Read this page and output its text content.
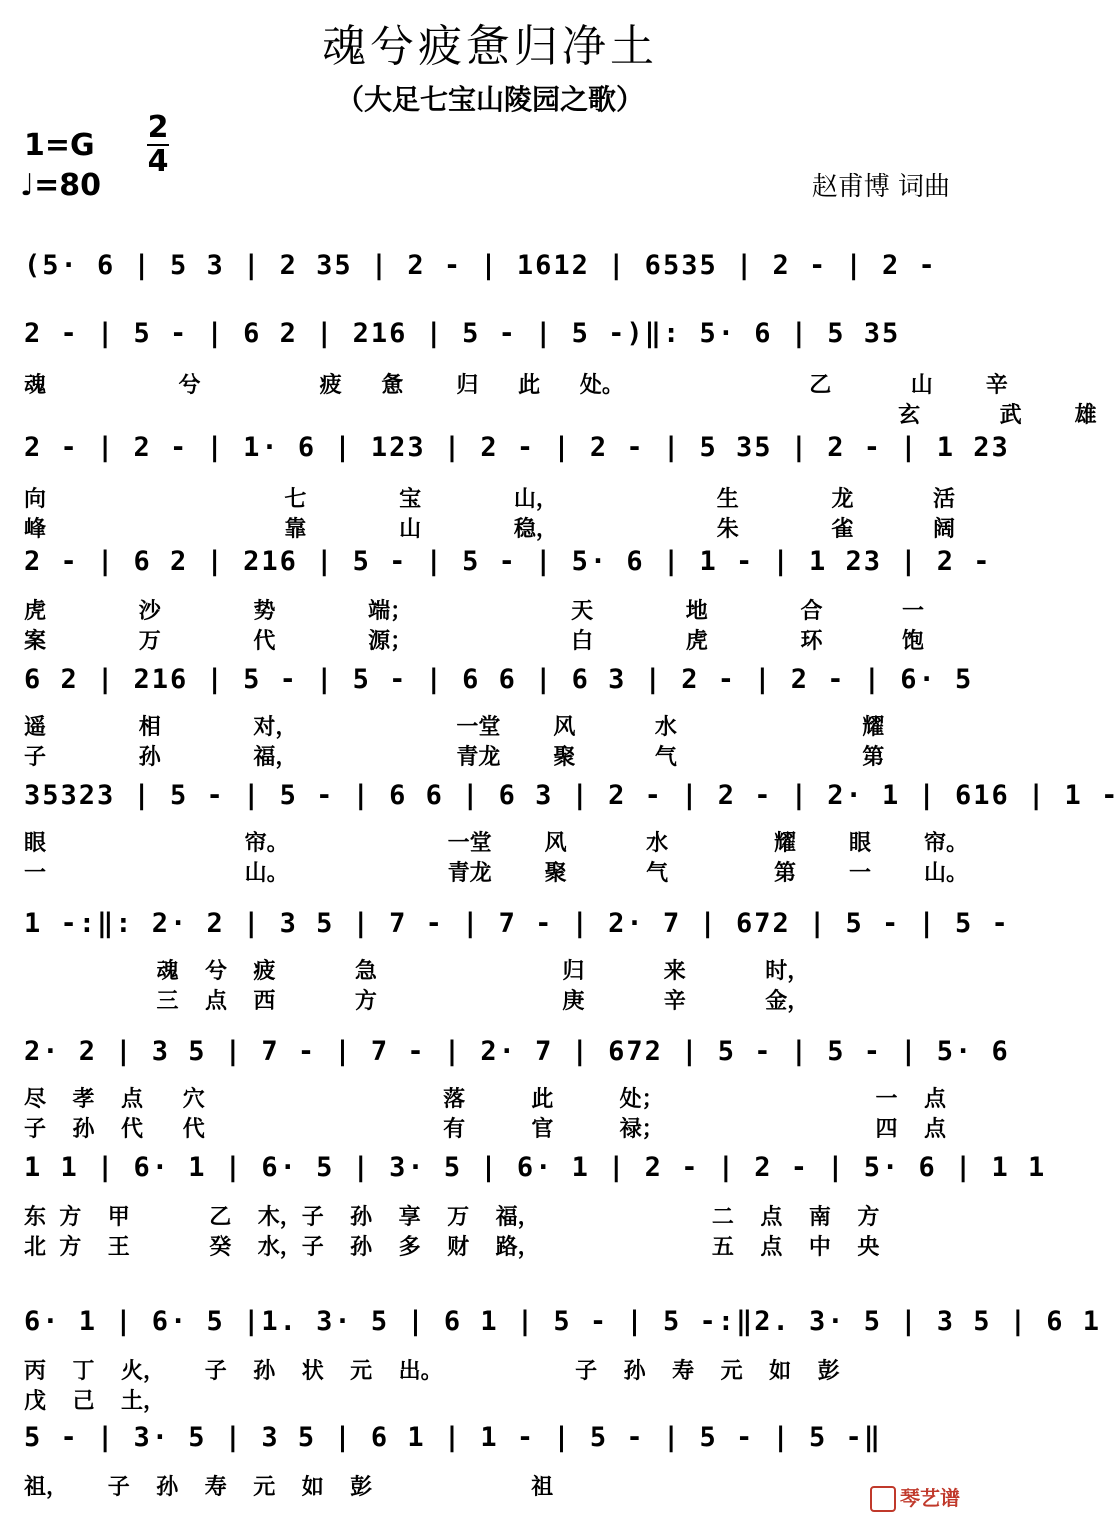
魂兮疲惫归净土
（大足七宝山陵园之歌）
1=G
2
4
♩=80	赵甫博 词曲
(5· 6 | 5 3 | 2 35 | 2 - | 1612 | 6535 | 2 - | 2 -
2 - | 5 - | 6 2 | 216 | 5 - | 5 -)‖: 5· 6 | 5 35
魂          兮         疲   惫    归   此   处。              乙      山    辛
玄      武    雄
2 - | 2 - | 1· 6 | 123 | 2 - | 2 - | 5 35 | 2 - | 1 23
向                  七       宝       山，            生       龙      活
峰                  靠       山       稳，            朱       雀      阔
2 - | 6 2 | 216 | 5 - | 5 - | 5· 6 | 1 - | 1 23 | 2 -
虎       沙       势       端；            天       地       合      一
案       万       代       源；            白       虎       环      饱
6 2 | 216 | 5 - | 5 - | 6 6 | 6 3 | 2 - | 2 - | 6· 5
遥       相       对，            一堂    风      水              耀
子       孙       福，            青龙    聚      气              第
35323 | 5 - | 5 - | 6 6 | 6 3 | 2 - | 2 - | 2· 1 | 616 | 1 -
眼               帘。            一堂    风      水        耀    眼    帘。
一               山。            青龙    聚      气        第    一    山。
1 -:‖: 2· 2 | 3 5 | 7 - | 7 - | 2· 7 | 672 | 5 - | 5 -
魂  兮  疲      急              归      来      时，
三  点  西      方              庚      辛      金，
2· 2 | 3 5 | 7 - | 7 - | 2· 7 | 672 | 5 - | 5 - | 5· 6
尽  孝  点   穴                  落     此     处；                一  点
子  孙  代   代                  有     官     禄；                四  点
1 1 | 6· 1 | 6· 5 | 3· 5 | 6· 1 | 2 - | 2 - | 5· 6 | 1 1
东 方  甲      乙  木，子  孙  享  万  福，             二  点  南  方
北 方  王      癸  水，子  孙  多  财  路，             五  点  中  央
6· 1 | 6· 5 |1. 3· 5 | 6 1 | 5 - | 5 -:‖2. 3· 5 | 3 5 | 6 1
丙  丁  火，   子  孙  状  元  出。          子  孙  寿  元  如  彭
戊  己  土，
5 - | 3· 5 | 3 5 | 6 1 | 1 - | 5 - | 5 - | 5 -‖
祖，   子  孙  寿  元  如  彭            祖	琴艺谱
